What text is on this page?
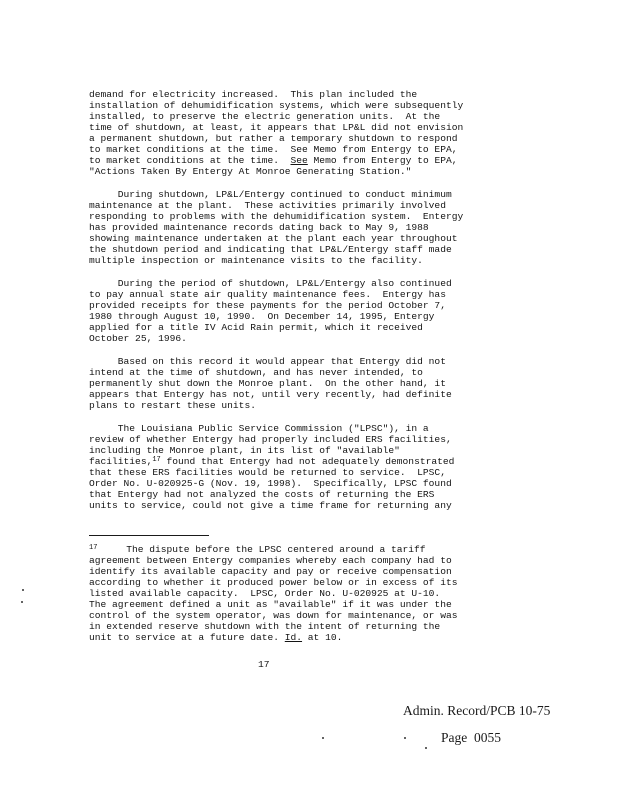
demand for electricity increased.  This plan included the
installation of dehumidification systems, which were subsequently
installed, to preserve the electric generation units.  At the
time of shutdown, at least, it appears that LP&L did not envision
a permanent shutdown, but rather a temporary shutdown to respond
to market conditions at the time.  See Memo from Entergy to EPA,
to market conditions at the time.  See Memo from Entergy to EPA,
"Actions Taken By Entergy At Monroe Generating Station."
During shutdown, LP&L/Entergy continued to conduct minimum
maintenance at the plant.  These activities primarily involved
responding to problems with the dehumidification system.  Entergy
has provided maintenance records dating back to May 9, 1988
showing maintenance undertaken at the plant each year throughout
the shutdown period and indicating that LP&L/Entergy staff made
multiple inspection or maintenance visits to the facility.
During the period of shutdown, LP&L/Entergy also continued
to pay annual state air quality maintenance fees.  Entergy has
provided receipts for these payments for the period October 7,
1980 through August 10, 1990.  On December 14, 1995, Entergy
applied for a title IV Acid Rain permit, which it received
October 25, 1996.
Based on this record it would appear that Entergy did not
intend at the time of shutdown, and has never intended, to
permanently shut down the Monroe plant.  On the other hand, it
appears that Entergy has not, until very recently, had definite
plans to restart these units.
The Louisiana Public Service Commission ("LPSC"), in a
review of whether Entergy had properly included ERS facilities,
including the Monroe plant, in its list of "available"
facilities,$^{17}$ found that Entergy had not adequately demonstrated
that these ERS facilities would be returned to service.  LPSC,
Order No. U-020925-G (Nov. 19, 1998).  Specifically, LPSC found
that Entergy had not analyzed the costs of returning the ERS
units to service, could not give a time frame for returning any
$^{17}$     The dispute before the LPSC centered around a tariff
agreement between Entergy companies whereby each company had to
identify its available capacity and pay or receive compensation
according to whether it produced power below or in excess of its
listed available capacity.  LPSC, Order No. U-020925 at U-10.
The agreement defined a unit as "available" if it was under the
control of the system operator, was down for maintenance, or was
in extended reserve shutdown with the intent of returning the
unit to service at a future date. Id. at 10.
17
Admin. Record/PCB 10-75
Page 0055
